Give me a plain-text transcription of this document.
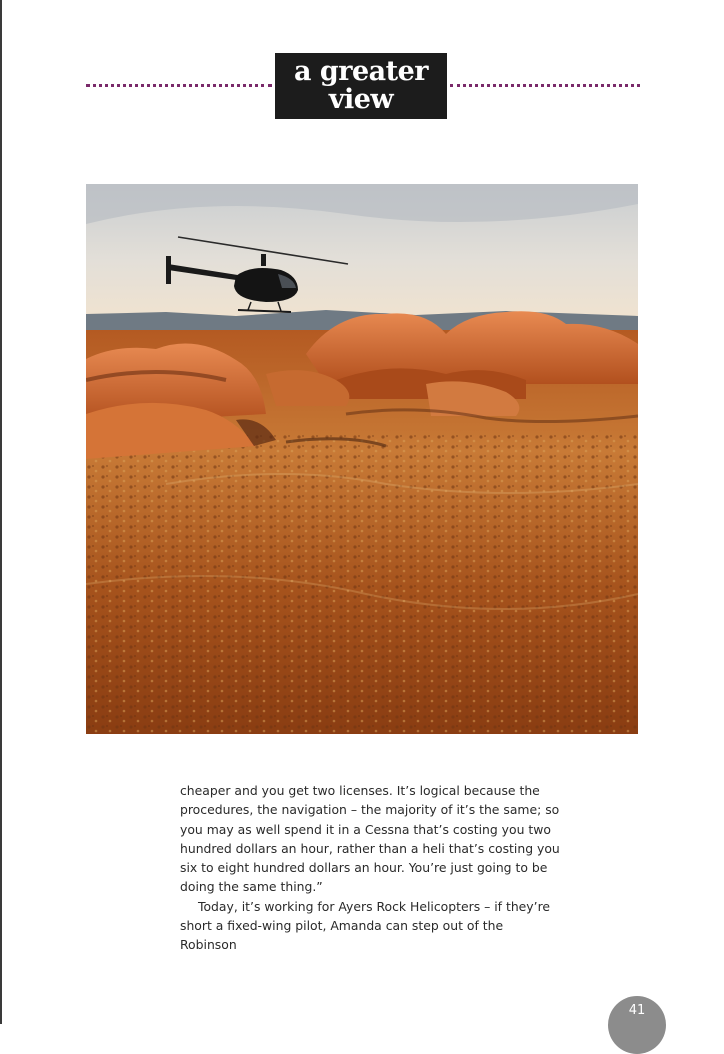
a greater
view

cheaper and you get two licenses. It’s logical because the procedures, the navigation – the majority of it’s the same; so you may as well spend it in a Cessna that’s costing you two hundred dollars an hour, rather than a heli that’s costing you six to eight hundred dollars an hour. You’re just going to be doing the same thing.”

Today, it’s working for Ayers Rock Helicopters – if they’re short a fixed-wing pilot, Amanda can step out of the Robinson

41
